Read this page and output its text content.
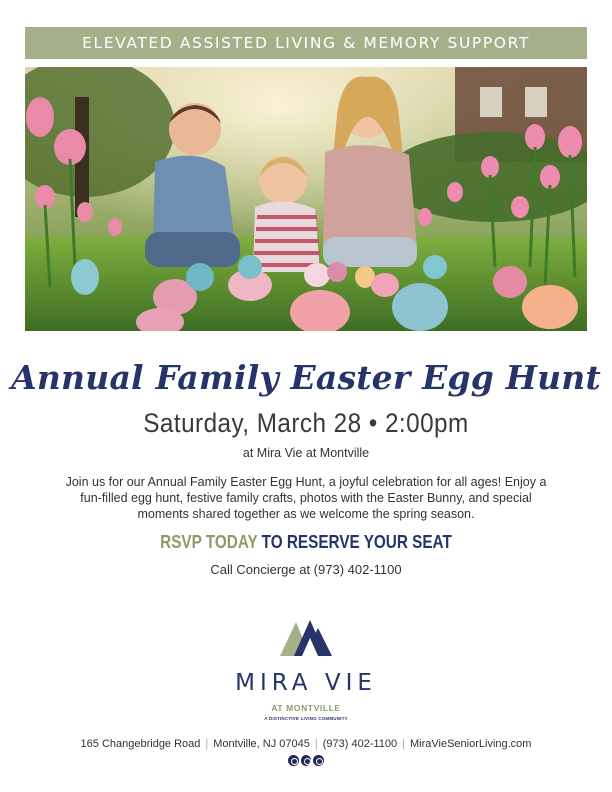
ELEVATED ASSISTED LIVING & MEMORY SUPPORT
Annual Family Easter Egg Hunt
Saturday, March 28 • 2:00pm
at Mira Vie at Montville
Join us for our Annual Family Easter Egg Hunt, a joyful celebration for all ages! Enjoy a fun-filled egg hunt, festive family crafts, photos with the Easter Bunny, and special moments shared together as we welcome the spring season.
RSVP TODAY TO RESERVE YOUR SEAT
Call Concierge at (973) 402-1100
MIRA VIE
AT MONTVILLE
A DISTINCTIVE LIVING COMMUNITY
165 Changebridge Road | Montville, NJ 07045 | (973) 402-1100 | MiraVieSeniorLiving.com
